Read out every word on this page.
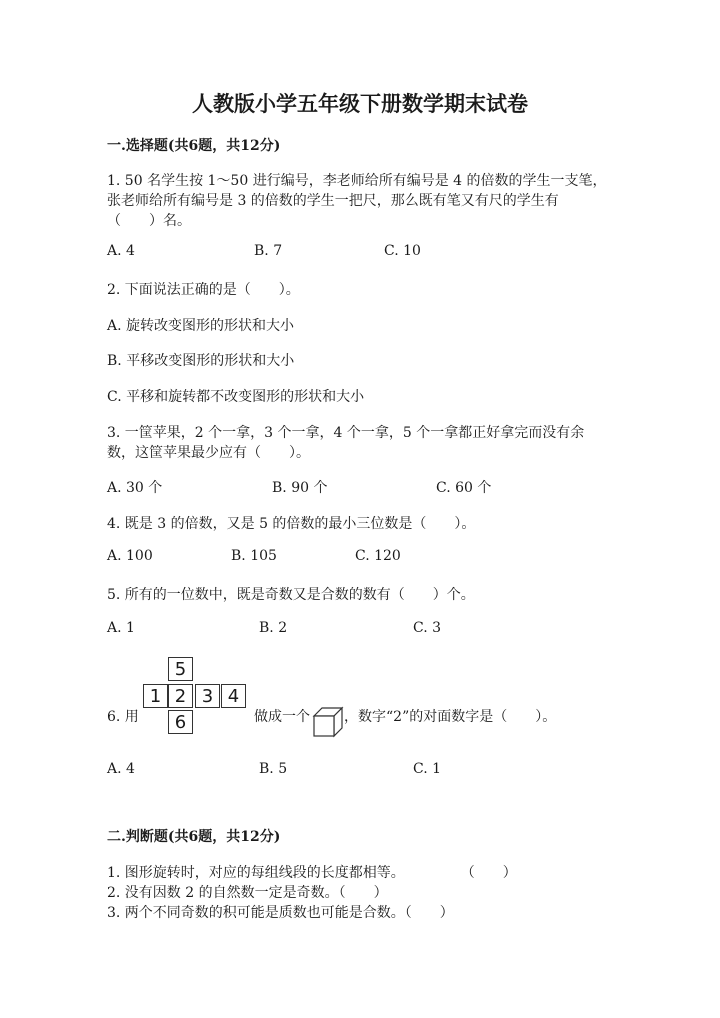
人教版小学五年级下册数学期末试卷
一.选择题(共6题，共12分)
1. 50 名学生按 1～50 进行编号，李老师给所有编号是 4 的倍数的学生一支笔，
张老师给所有编号是 3 的倍数的学生一把尺，那么既有笔又有尺的学生有
（　　）名。
A. 4	B. 7	C. 10
2. 下面说法正确的是（　　）。
A. 旋转改变图形的形状和大小
B. 平移改变图形的形状和大小
C. 平移和旋转都不改变图形的形状和大小
3. 一筐苹果，2 个一拿，3 个一拿，4 个一拿，5 个一拿都正好拿完而没有余
数，这筐苹果最少应有（　　）。
A. 30 个	B. 90 个	C. 60 个
4. 既是 3 的倍数，又是 5 的倍数的最小三位数是（　　）。
A. 100	B. 105	C. 120
5. 所有的一位数中，既是奇数又是合数的数有（　　）个。
A. 1	B. 2	C. 3
6. 用
5
1 2 3 4
6	做成一个 ，数字“2”的对面数字是（　　）。
A. 4	B. 5	C. 1
二.判断题(共6题，共12分)
1. 图形旋转时，对应的每组线段的长度都相等。　　　　　（　　）
2. 没有因数 2 的自然数一定是奇数。（　　）
3. 两个不同奇数的积可能是质数也可能是合数。（　　）
